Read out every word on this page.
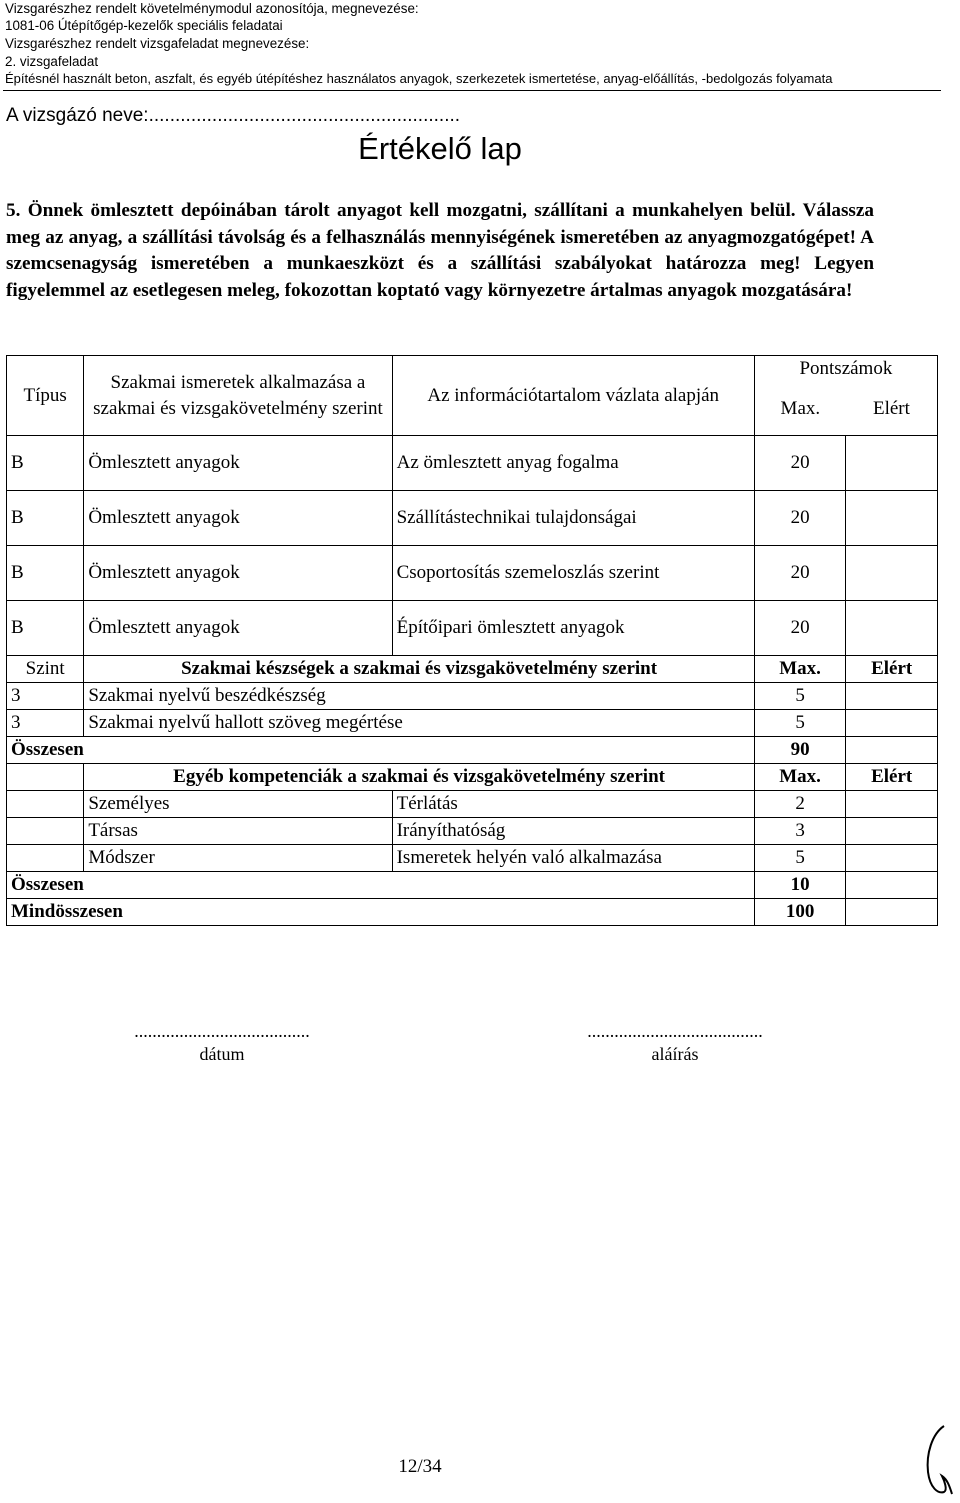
Vizsgarészhez rendelt követelménymodul azonosítója, megnevezése:
1081-06 Útépítőgép-kezelők speciális feladatai
Vizsgarészhez rendelt vizsgafeladat megnevezése:
2. vizsgafeladat
Építésnél használt beton, aszfalt, és egyéb útépítéshez használatos anyagok, szerkezetek ismertetése, anyag-előállítás, -bedolgozás folyamata
A vizsgázó neve:...........................................................
Értékelő lap
5. Önnek ömlesztett depóinában tárolt anyagot kell mozgatni, szállítani a munkahelyen belül. Válassza meg az anyag, a szállítási távolság és a felhasználás mennyiségének ismeretében az anyagmozgatógépet! A szemcsenagyság ismeretében a munkaeszközt és a szállítási szabályokat határozza meg! Legyen figyelemmel az esetlegesen meleg, fokozottan koptató vagy környezetre ártalmas anyagok mozgatására!
Típus	Szakmai ismeretek alkalmazása a szakmai és vizsgakövetelmény szerint	Az információtartalom vázlata alapján	Pontszámok	
			Max.	Elért
B	Ömlesztett anyagok	Az ömlesztett anyag fogalma	20	
B	Ömlesztett anyagok	Szállítástechnikai tulajdonságai	20	
B	Ömlesztett anyagok	Csoportosítás szemeloszlás szerint	20	
B	Ömlesztett anyagok	Építőipari ömlesztett anyagok	20	
Szint	Szakmai készségek a szakmai és vizsgakövetelmény szerint		Max.	Elért
3	Szakmai nyelvű beszédkészség		5	
3	Szakmai nyelvű hallott szöveg megértése		5	
Összesen			90	
	Egyéb kompetenciák a szakmai és vizsgakövetelmény szerint		Max.	Elért
	Személyes	Térlátás	2	
	Társas	Irányíthatóság	3	
	Módszer	Ismeretek helyén való alkalmazása	5	
Összesen			10	
Mindösszesen			100	
.......................................
dátum
.......................................
aláírás
12/34
